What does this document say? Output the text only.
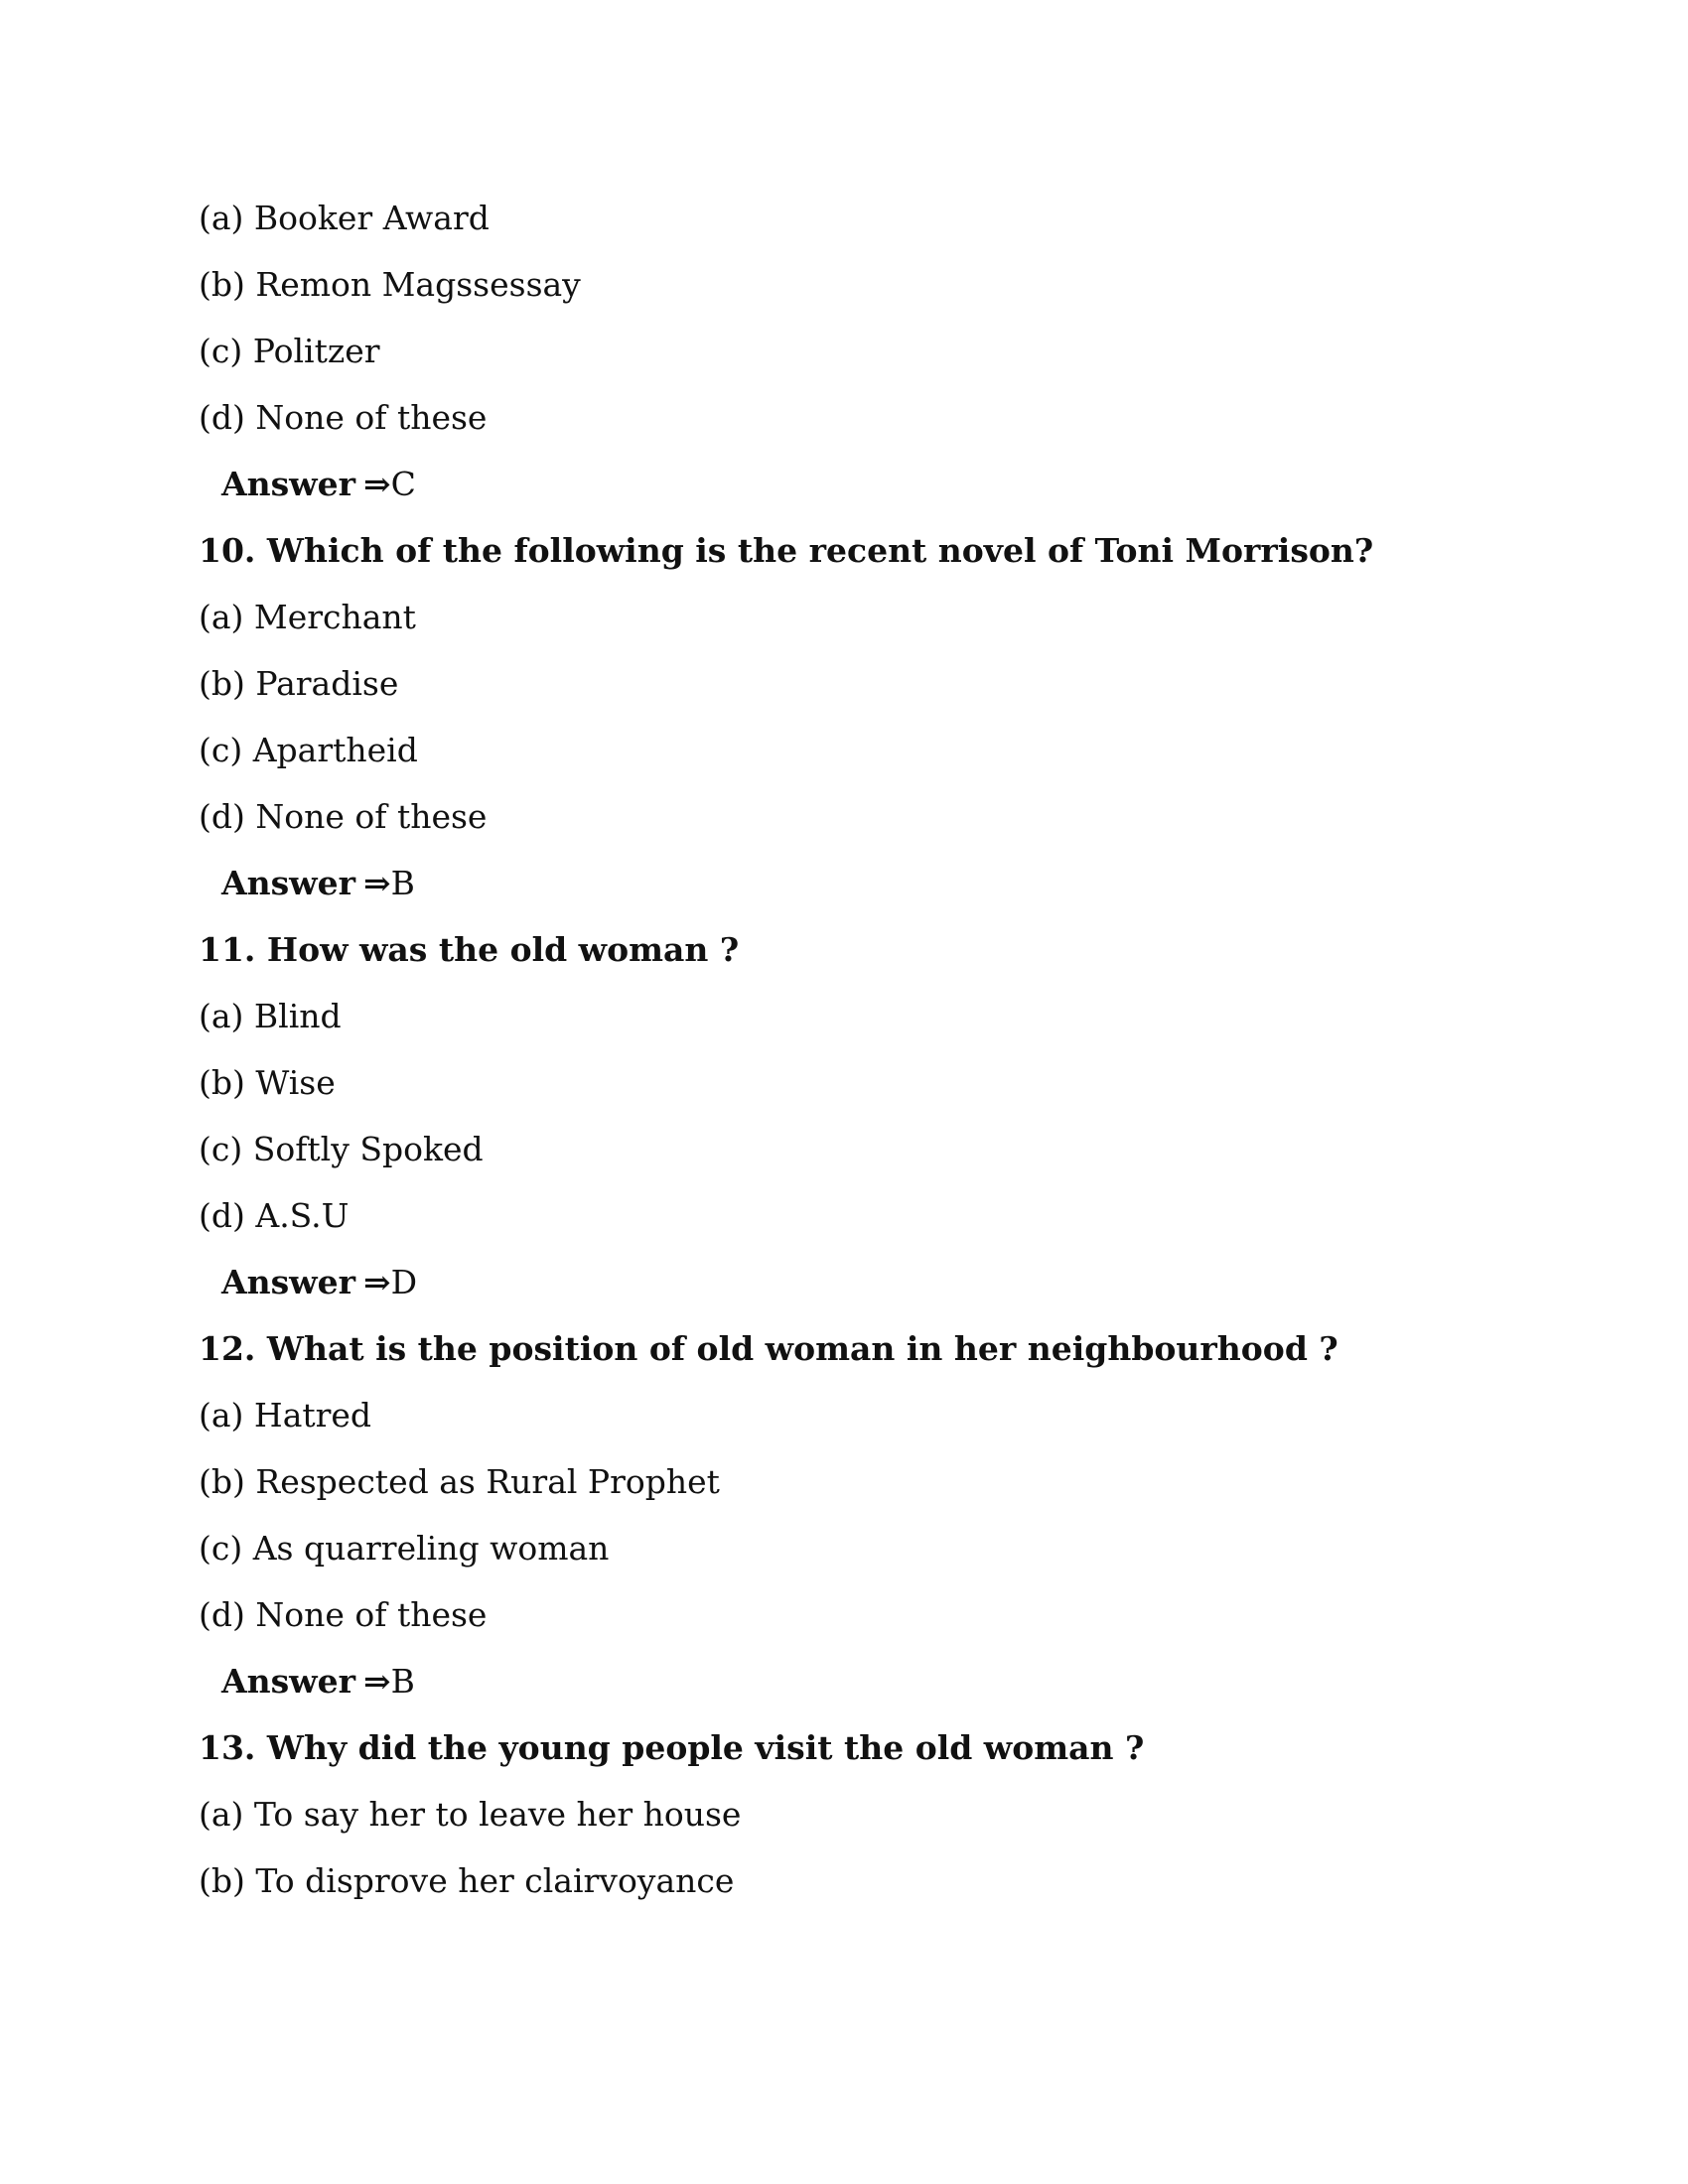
(a) Booker Award
(b) Remon Magssessay
(c) Politzer
(d) None of these
Answer ⇒C
10. Which of the following is the recent novel of Toni Morrison?
(a) Merchant
(b) Paradise
(c) Apartheid
(d) None of these
Answer ⇒B
11. How was the old woman ?
(a) Blind
(b) Wise
(c) Softly Spoked
(d) A.S.U
Answer ⇒D
12. What is the position of old woman in her neighbourhood ?
(a) Hatred
(b) Respected as Rural Prophet
(c) As quarreling woman
(d) None of these
Answer ⇒B
13. Why did the young people visit the old woman ?
(a) To say her to leave her house
(b) To disprove her clairvoyance
